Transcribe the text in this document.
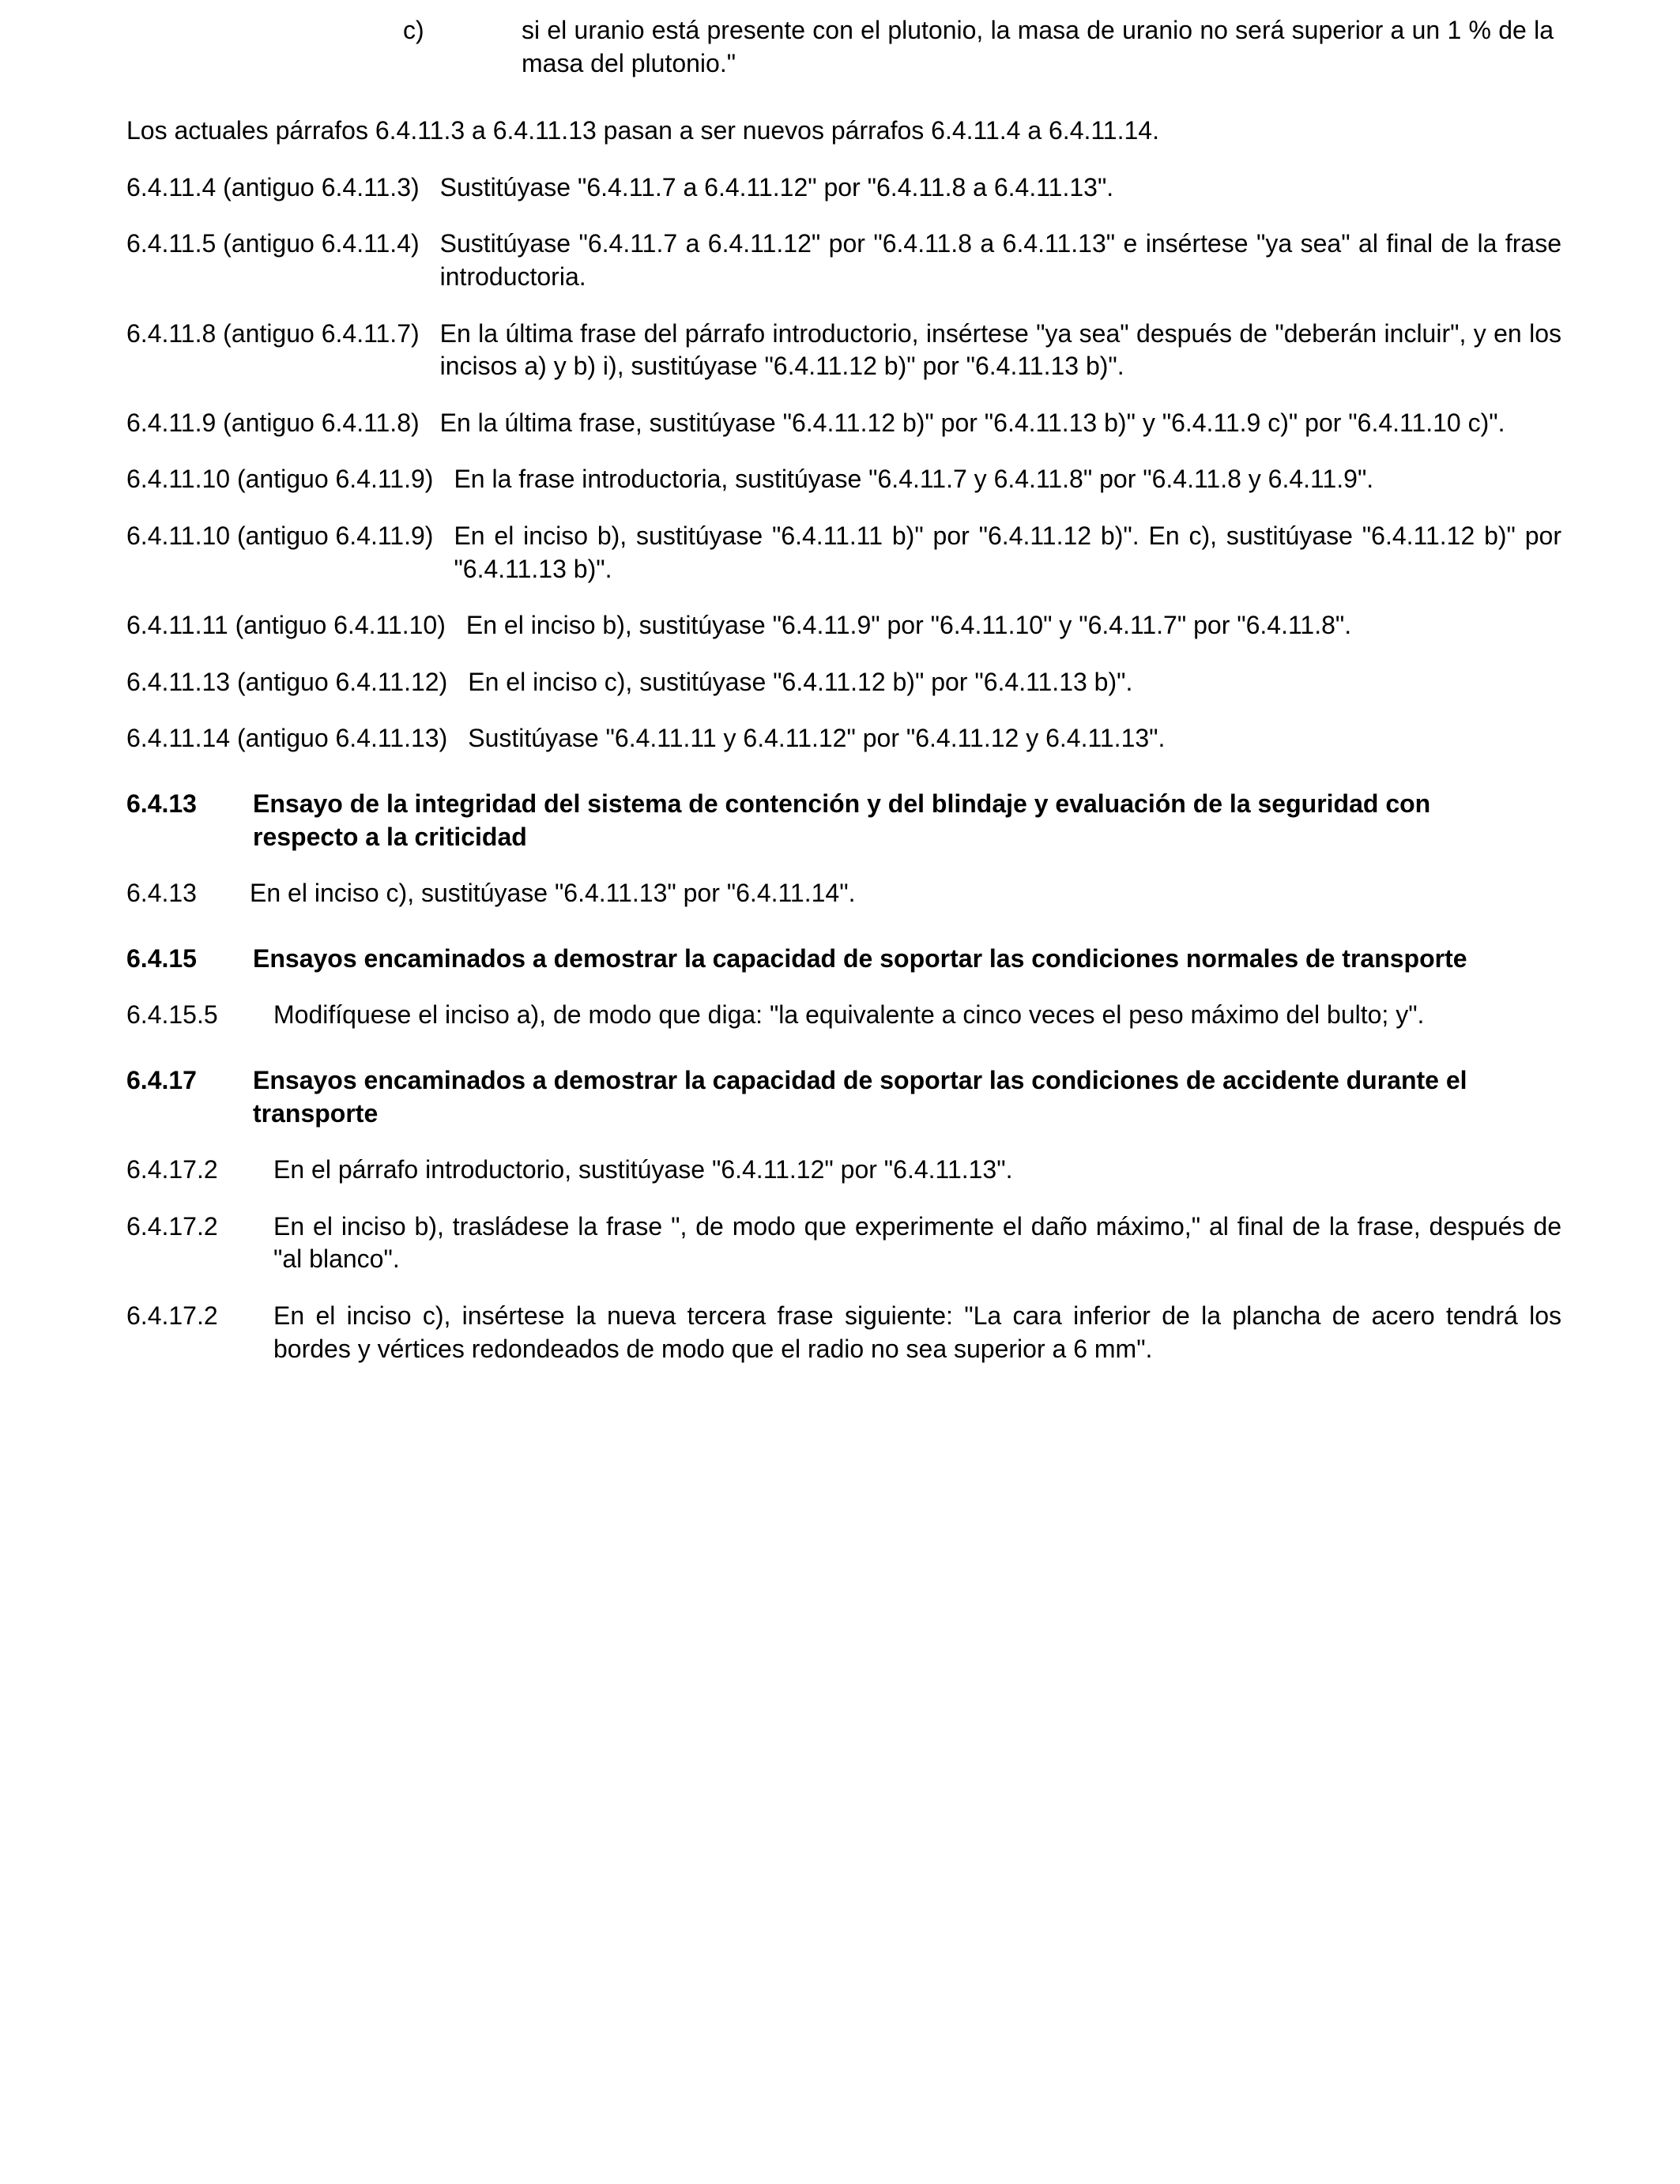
c)	si el uranio está presente con el plutonio, la masa de uranio no será superior a un 1 % de la masa del plutonio."

Los actuales párrafos 6.4.11.3 a 6.4.11.13 pasan a ser nuevos párrafos 6.4.11.4 a 6.4.11.14.

6.4.11.4 (antiguo 6.4.11.3) Sustitúyase "6.4.11.7 a 6.4.11.12" por "6.4.11.8 a 6.4.11.13".
6.4.11.5 (antiguo 6.4.11.4) Sustitúyase "6.4.11.7 a 6.4.11.12" por "6.4.11.8 a 6.4.11.13" e insértese "ya sea" al final de la frase introductoria.
6.4.11.8 (antiguo 6.4.11.7) En la última frase del párrafo introductorio, insértese "ya sea" después de "deberán incluir", y en los incisos a) y b) i), sustitúyase "6.4.11.12 b)" por "6.4.11.13 b)".
6.4.11.9 (antiguo 6.4.11.8) En la última frase, sustitúyase "6.4.11.12 b)" por "6.4.11.13 b)" y "6.4.11.9 c)" por "6.4.11.10 c)".
6.4.11.10 (antiguo 6.4.11.9) En la frase introductoria, sustitúyase "6.4.11.7 y 6.4.11.8" por "6.4.11.8 y 6.4.11.9".
6.4.11.10 (antiguo 6.4.11.9) En el inciso b), sustitúyase "6.4.11.11 b)" por "6.4.11.12 b)". En c), sustitúyase "6.4.11.12 b)" por "6.4.11.13 b)".
6.4.11.11 (antiguo 6.4.11.10) En el inciso b), sustitúyase "6.4.11.9" por "6.4.11.10" y "6.4.11.7" por "6.4.11.8".
6.4.11.13 (antiguo 6.4.11.12) En el inciso c), sustitúyase "6.4.11.12 b)" por "6.4.11.13 b)".
6.4.11.14 (antiguo 6.4.11.13) Sustitúyase "6.4.11.11 y 6.4.11.12" por "6.4.11.12 y 6.4.11.13".
6.4.13	Ensayo de la integridad del sistema de contención y del blindaje y evaluación de la seguridad con respecto a la criticidad
6.4.13	En el inciso c), sustitúyase "6.4.11.13" por "6.4.11.14".
6.4.15	Ensayos encaminados a demostrar la capacidad de soportar las condiciones normales de transporte
6.4.15.5	Modifíquese el inciso a), de modo que diga: "la equivalente a cinco veces el peso máximo del bulto; y".
6.4.17	Ensayos encaminados a demostrar la capacidad de soportar las condiciones de accidente durante el transporte
6.4.17.2	En el párrafo introductorio, sustitúyase "6.4.11.12" por "6.4.11.13".
6.4.17.2	En el inciso b), trasládese la frase ", de modo que experimente el daño máximo," al final de la frase, después de "al blanco".
6.4.17.2	En el inciso c), insértese la nueva tercera frase siguiente: "La cara inferior de la plancha de acero tendrá los bordes y vértices redondeados de modo que el radio no sea superior a 6 mm".
